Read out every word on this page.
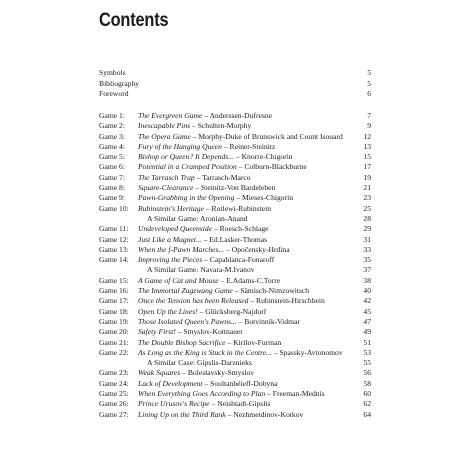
Contents
Symbols	5
Bibliography	5
Foreword	6
Game 1: The Evergreen Game – Anderssen-Dufresne	7
Game 2: Inescapable Pins – Schulten-Morphy	9
Game 3: The Opera Game – Morphy-Duke of Brunswick and Count Isouard	12
Game 4: Fury of the Hanging Queen – Reiner-Steinitz	13
Game 5: Bishop or Queen? It Depends... – Knorre-Chigorin	15
Game 6: Potential in a Cramped Position – Colburn-Blackburne	17
Game 7: The Tarrasch Trap – Tarrasch-Marco	19
Game 8: Square-Clearance – Steinitz-Von Bardeleben	21
Game 9: Pawn-Grabbing in the Opening – Mieses-Chigorin	23
Game 10: Rubinstein's Heritage – Rotlewi-Rubinstein	25
A Similar Game: Aronian-Anand	28
Game 11: Undeveloped Queenside – Roesch-Schlage	29
Game 12: Just Like a Magnet... – Ed.Lasker-Thomas	31
Game 13: When the f-Pawn Marches... – Opočensky-Hrdina	33
Game 14: Improving the Pieces – Capablanca-Fonaroff	35
A Similar Game: Navara-M.Ivanov	37
Game 15: A Game of Cat and Mouse – E.Adams-C.Torre	38
Game 16: The Immortal Zugzwang Game – Sämisch-Nimzowitsch	40
Game 17: Once the Tension has been Released – Rubinstein-Hirschbein	42
Game 18: Open Up the Lines! – Glücksberg-Najdorf	45
Game 19: Those Isolated Queen's Pawns... – Botvinnik-Vidmar	47
Game 20: Safety First! – Smyslov-Kottnauer	49
Game 21: The Double Bishop Sacrifice – Kirilov-Furman	51
Game 22: As Long as the King is Stuck in the Centre... – Spassky-Avtonomov	53
A Similar Case: Gipslis-Darznieks	55
Game 23: Weak Squares – Bolesłavsky-Smyslov	56
Game 24: Lack of Development – Soultanbéieff-Dobyna	58
Game 25: When Everything Goes According to Plan – Freeman-Mednis	60
Game 26: Prince Urusov's Recipe – Neishtadt-Gipslis	62
Game 27: Lining Up on the Third Rank – Nezhmetdinov-Kotkov	64
